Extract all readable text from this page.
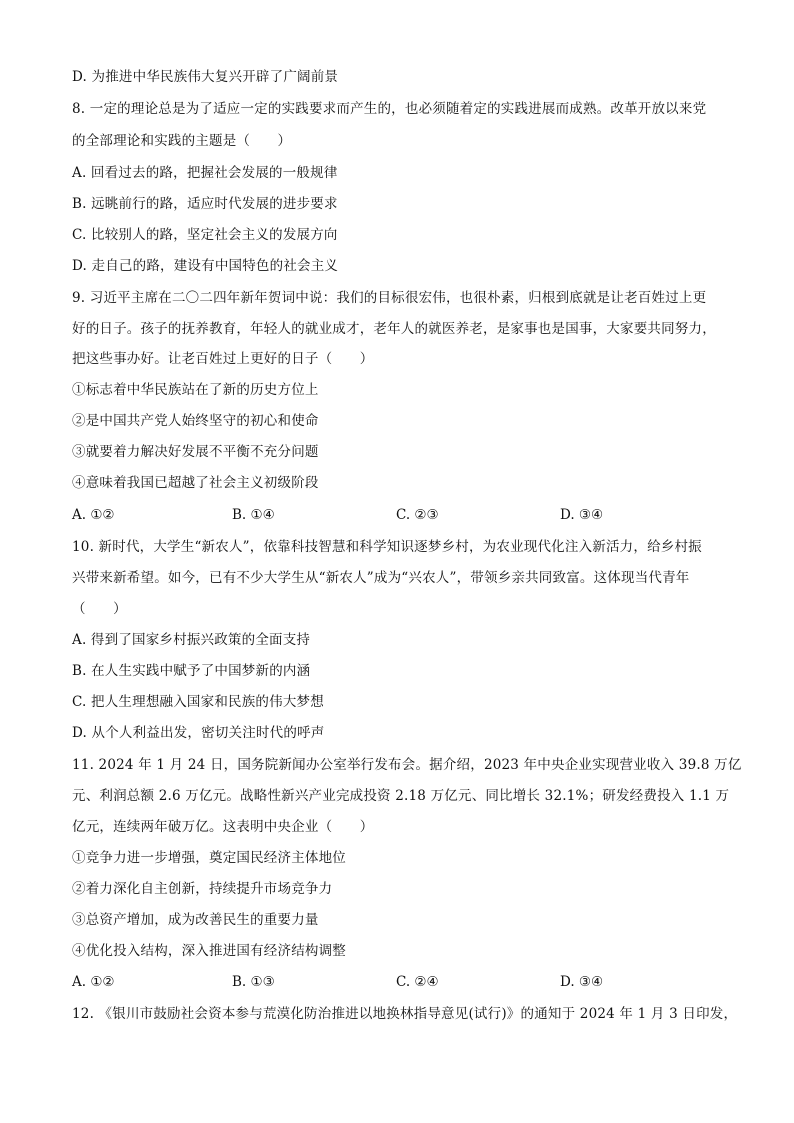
D. 为推进中华民族伟大复兴开辟了广阔前景
8. 一定的理论总是为了适应一定的实践要求而产生的，也必须随着定的实践进展而成熟。改革开放以来党
的全部理论和实践的主题是（　　）
A. 回看过去的路，把握社会发展的一般规律
B. 远眺前行的路，适应时代发展的进步要求
C. 比较别人的路，坚定社会主义的发展方向
D. 走自己的路，建设有中国特色的社会主义
9. 习近平主席在二〇二四年新年贺词中说：我们的目标很宏伟，也很朴素，归根到底就是让老百姓过上更
好的日子。孩子的抚养教育，年轻人的就业成才，老年人的就医养老，是家事也是国事，大家要共同努力，
把这些事办好。让老百姓过上更好的日子（　　）
①标志着中华民族站在了新的历史方位上
②是中国共产党人始终坚守的初心和使命
③就要着力解决好发展不平衡不充分问题
④意味着我国已超越了社会主义初级阶段
A. ①②	B. ①④	C. ②③	D. ③④
10. 新时代，大学生“新农人”，依靠科技智慧和科学知识逐梦乡村，为农业现代化注入新活力，给乡村振
兴带来新希望。如今，已有不少大学生从“新农人”成为“兴农人”，带领乡亲共同致富。这体现当代青年
（　　）
A. 得到了国家乡村振兴政策的全面支持
B. 在人生实践中赋予了中国梦新的内涵
C. 把人生理想融入国家和民族的伟大梦想
D. 从个人利益出发，密切关注时代的呼声
11. 2024 年 1 月 24 日，国务院新闻办公室举行发布会。据介绍，2023 年中央企业实现营业收入 39.8 万亿
元、利润总额 2.6 万亿元。战略性新兴产业完成投资 2.18 万亿元、同比增长 32.1%；研发经费投入 1.1 万
亿元，连续两年破万亿。这表明中央企业（　　）
①竞争力进一步增强，奠定国民经济主体地位
②着力深化自主创新，持续提升市场竞争力
③总资产增加，成为改善民生的重要力量
④优化投入结构，深入推进国有经济结构调整
A. ①②	B. ①③	C. ②④	D. ③④
12. 《银川市鼓励社会资本参与荒漠化防治推进以地换林指导意见(试行)》的通知于 2024 年 1 月 3 日印发，
